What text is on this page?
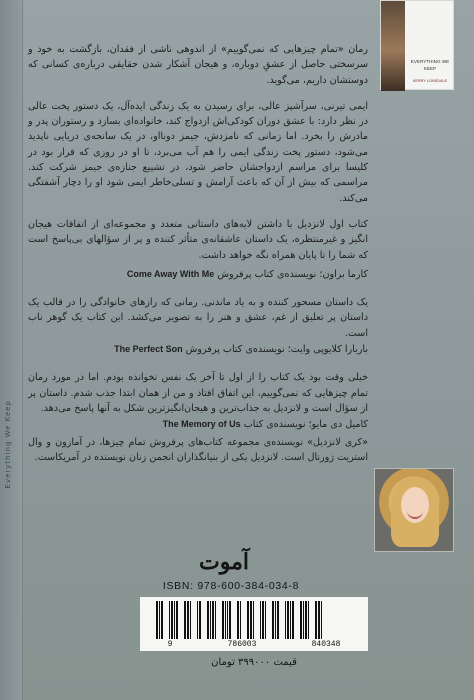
Everything We Keep
EVERYTHING WE KEEP
KERRY LONSDALE

رمان «تمام چیزهایی که نمی‌گوییم» از اندوهی ناشی از فقدان، بازگشت به خود و سرسختی حاصل از عشقِ دوباره، و هیجان آشکار شدن حقایقی درباره‌ی کسانی که دوستشان داریم، می‌گوید.

ایمی تیرنی، سرآشپز عالی، برای رسیدن به یک زندگی ایده‌آل، یک دستور پخت عالی در نظر دارد: با عشق دوران کودکی‌اش ازدواج کند، خانواده‌ای بسازد و رستوران پدر و مادرش را بخرد. اما زمانی که نامزدش، جیمز دونااو، در یک سانحه‌ی دریایی ناپدید می‌شود، دستور پخت زندگی ایمی را هم آب می‌برد، تا او در روزی که قرار بود در کلیسا برای مراسم ازدواجشان حاضر شود، در تشییع جنازه‌ی جیمز شرکت کند. مراسمی که بیش از آن که باعث آرامش و تسلی‌خاطر ایمی شود او را دچار آشفتگی می‌کند.

کتاب اول لانزدیل با داشتن لایه‌های داستانی متعدد و مجموعه‌ای از اتفاقات هیجان انگیز و غیرمنتظره، یک داستان عاشقانه‌ی متأثر کننده و پر از سؤالهای بی‌پاسخ است که شما را تا پایان همراه نگه خواهد داشت.

کارما براون؛ نویسنده‌ی کتاب پرفروش Come Away With Me

یک داستان مسحور کننده و به یاد ماندنی. رمانی که رازهای خانوادگی را در قالب یک داستان پر تعلیق از غم، عشق و هنر را به تصویر می‌کشد. این کتاب یک گوهر ناب است.

باربارا کلایوپی وایت؛ نویسنده‌ی کتاب پرفروش The Perfect Son

خیلی وقت بود یک کتاب را از اول تا آخر یک نفس نخوانده بودم. اما در مورد رمان تمام چیزهایی که نمی‌گوییم، این اتفاق افتاد و من از همان ابتدا جذب شدم. داستان پر از سؤال است و لانزدیل به جذاب‌ترین و هیجان‌انگیزترین شکل به آنها پاسخ می‌دهد.

کامیل دی مایو؛ نویسنده‌ی کتاب The Memory of Us

«کری لانزدیل» نویسنده‌ی مجموعه کتاب‌های پرفروش تمام چیزها، در آمازون و وال استریت ژورنال است. لانزدیل یکی از بنیانگذاران انجمن زنان نویسنده در آمریکاست.

آموت
ISBN: 978-600-384-034-8
9	786003	840348
قیمت ۳۹۹۰۰۰ تومان
